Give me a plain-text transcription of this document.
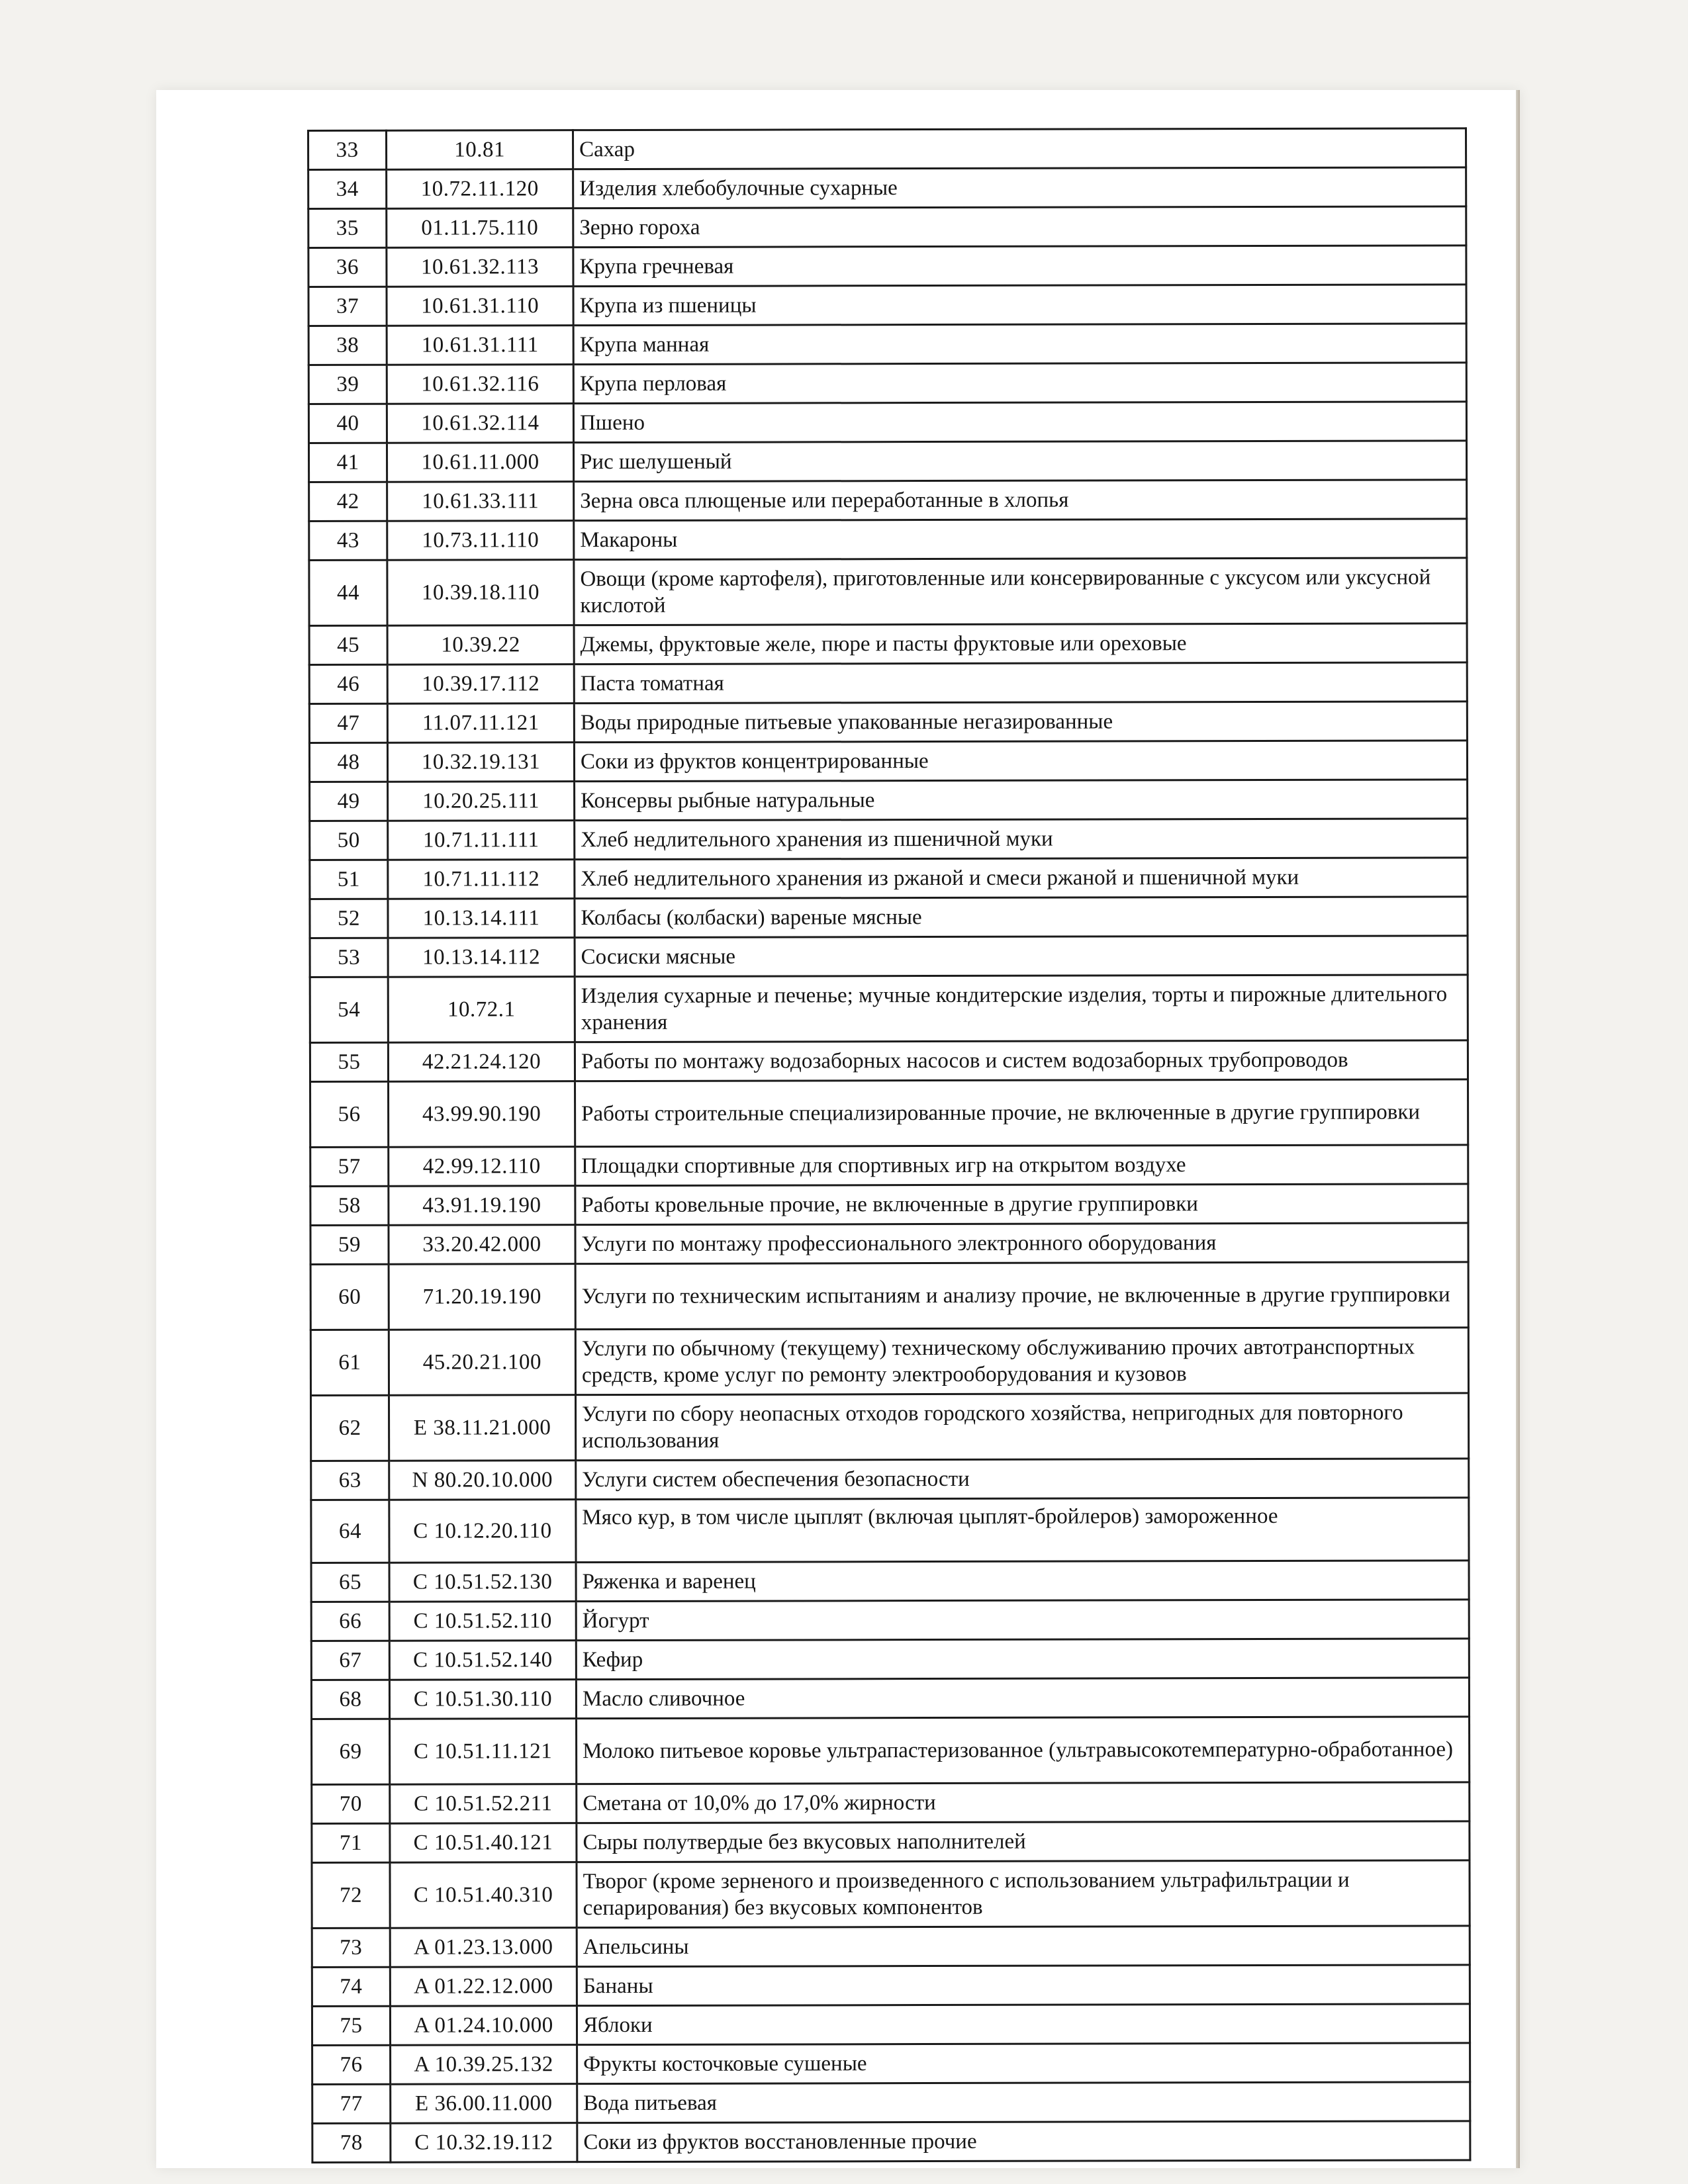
33	10.81	Сахар
34	10.72.11.120	Изделия хлебобулочные сухарные
35	01.11.75.110	Зерно гороха
36	10.61.32.113	Крупа гречневая
37	10.61.31.110	Крупа из пшеницы
38	10.61.31.111	Крупа манная
39	10.61.32.116	Крупа перловая
40	10.61.32.114	Пшено
41	10.61.11.000	Рис шелушеный
42	10.61.33.111	Зерна овса плющеные или переработанные в хлопья
43	10.73.11.110	Макароны
44	10.39.18.110	Овощи (кроме картофеля), приготовленные или консервированные с уксусом или уксусной кислотой
45	10.39.22	Джемы, фруктовые желе, пюре и пасты фруктовые или ореховые
46	10.39.17.112	Паста томатная
47	11.07.11.121	Воды природные питьевые упакованные негазированные
48	10.32.19.131	Соки из фруктов концентрированные
49	10.20.25.111	Консервы рыбные натуральные
50	10.71.11.111	Хлеб недлительного хранения из пшеничной муки
51	10.71.11.112	Хлеб недлительного хранения из ржаной и смеси ржаной и пшеничной муки
52	10.13.14.111	Колбасы (колбаски) вареные мясные
53	10.13.14.112	Сосиски мясные
54	10.72.1	Изделия сухарные и печенье; мучные кондитерские изделия, торты и пирожные длительного хранения
55	42.21.24.120	Работы по монтажу водозаборных насосов и систем водозаборных трубопроводов
56	43.99.90.190	Работы строительные специализированные прочие, не включенные в другие группировки
57	42.99.12.110	Площадки спортивные для спортивных игр на открытом воздухе
58	43.91.19.190	Работы кровельные прочие, не включенные в другие группировки
59	33.20.42.000	Услуги по монтажу профессионального электронного оборудования
60	71.20.19.190	Услуги по техническим испытаниям и анализу прочие, не включенные в другие группировки
61	45.20.21.100	Услуги по обычному (текущему) техническому обслуживанию прочих автотранспортных средств, кроме услуг по ремонту электрооборудования и кузовов
62	E 38.11.21.000	Услуги по сбору неопасных отходов городского хозяйства, непригодных для повторного использования
63	N 80.20.10.000	Услуги систем обеспечения безопасности
64	C 10.12.20.110	Мясо кур, в том числе цыплят (включая цыплят-бройлеров) замороженное
65	C 10.51.52.130	Ряженка и варенец
66	C 10.51.52.110	Йогурт
67	C 10.51.52.140	Кефир
68	C 10.51.30.110	Масло сливочное
69	C 10.51.11.121	Молоко питьевое коровье ультрапастеризованное (ультравысокотемпературно-обработанное)
70	C 10.51.52.211	Сметана от 10,0% до 17,0% жирности
71	C 10.51.40.121	Сыры полутвердые без вкусовых наполнителей
72	C 10.51.40.310	Творог (кроме зерненого и произведенного с использованием ультрафильтрации и сепарирования) без вкусовых компонентов
73	A 01.23.13.000	Апельсины
74	A 01.22.12.000	Бананы
75	A 01.24.10.000	Яблоки
76	A 10.39.25.132	Фрукты косточковые сушеные
77	E 36.00.11.000	Вода питьевая
78	C 10.32.19.112	Соки из фруктов восстановленные прочие
